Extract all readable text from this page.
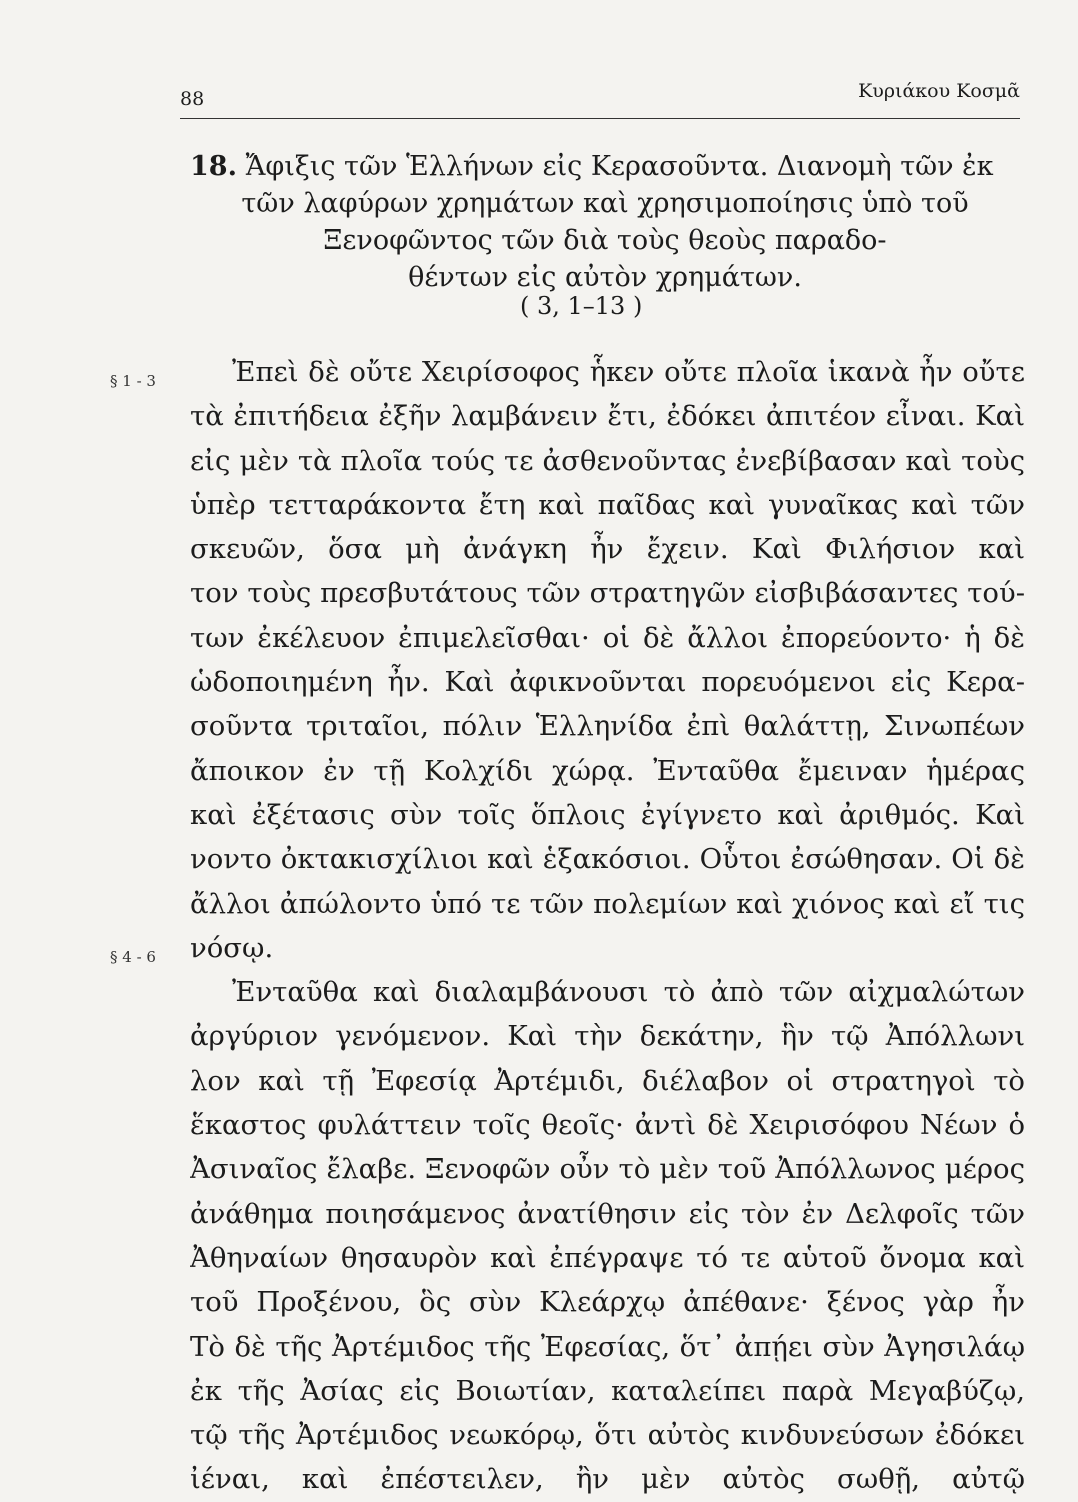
88	Κυριάκου Κοσμᾶ
18. Ἄφιξις τῶν Ἑλλήνων εἰς Κερασοῦντα. Διανομὴ τῶν ἐκ
τῶν λαφύρων χρημάτων καὶ χρησιμοποίησις ὑπὸ τοῦ
Ξενοφῶντος τῶν διὰ τοὺς θεοὺς παραδο-
θέντων εἰς αὐτὸν χρημάτων.
( 3, 1–13 )
§ 1 - 3
§ 4 - 6
Ἐπεὶ δὲ οὔτε Χειρίσοφος ἧκεν οὔτε πλοῖα ἱκανὰ ἦν οὔτε
τὰ ἐπιτήδεια ἐξῆν λαμβάνειν ἔτι, ἐδόκει ἀπιτέον εἶναι. Καὶ
εἰς μὲν τὰ πλοῖα τούς τε ἀσθενοῦντας ἐνεβίβασαν καὶ τοὺς
ὑπὲρ τετταράκοντα ἔτη καὶ παῖδας καὶ γυναῖκας καὶ τῶν
σκευῶν, ὅσα μὴ ἀνάγκη ἦν ἔχειν. Καὶ Φιλήσιον καὶ
τον τοὺς πρεσβυτάτους τῶν στρατηγῶν εἰσβιβάσαντες τού-
των ἐκέλευον ἐπιμελεῖσθαι· οἱ δὲ ἄλλοι ἐπορεύοντο· ἡ δὲ
ὡδοποιημένη ἦν. Καὶ ἀφικνοῦνται πορευόμενοι εἰς Κερα-
σοῦντα τριταῖοι, πόλιν Ἑλληνίδα ἐπὶ θαλάττῃ, Σινωπέων
ἄποικον ἐν τῇ Κολχίδι χώρᾳ. Ἐνταῦθα ἔμειναν ἡμέρας
καὶ ἐξέτασις σὺν τοῖς ὅπλοις ἐγίγνετο καὶ ἀριθμός. Καὶ
νοντο ὀκτακισχίλιοι καὶ ἑξακόσιοι. Οὗτοι ἐσώθησαν. Οἱ δὲ
ἄλλοι ἀπώλοντο ὑπό τε τῶν πολεμίων καὶ χιόνος καὶ εἴ τις
νόσῳ.
Ἐνταῦθα καὶ διαλαμβάνουσι τὸ ἀπὸ τῶν αἰχμαλώτων
ἀργύριον γενόμενον. Καὶ τὴν δεκάτην, ἣν τῷ Ἀπόλλωνι
λον καὶ τῇ Ἐφεσίᾳ Ἀρτέμιδι, διέλαβον οἱ στρατηγοὶ τὸ
ἕκαστος φυλάττειν τοῖς θεοῖς· ἀντὶ δὲ Χειρισόφου Νέων ὁ
Ἀσιναῖος ἔλαβε. Ξενοφῶν οὖν τὸ μὲν τοῦ Ἀπόλλωνος μέρος
ἀνάθημα ποιησάμενος ἀνατίθησιν εἰς τὸν ἐν Δελφοῖς τῶν
Ἀθηναίων θησαυρὸν καὶ ἐπέγραψε τό τε αὑτοῦ ὄνομα καὶ
τοῦ Προξένου, ὃς σὺν Κλεάρχῳ ἀπέθανε· ξένος γὰρ ἦν
Τὸ δὲ τῆς Ἀρτέμιδος τῆς Ἐφεσίας, ὅτ᾽ ἀπῄει σὺν Ἀγησιλάῳ
ἐκ τῆς Ἀσίας εἰς Βοιωτίαν, καταλείπει παρὰ Μεγαβύζῳ,
τῷ τῆς Ἀρτέμιδος νεωκόρῳ, ὅτι αὐτὸς κινδυνεύσων ἐδόκει
ἰέναι, καὶ ἐπέστειλεν, ἢν μὲν αὐτὸς σωθῇ, αὐτῷ
